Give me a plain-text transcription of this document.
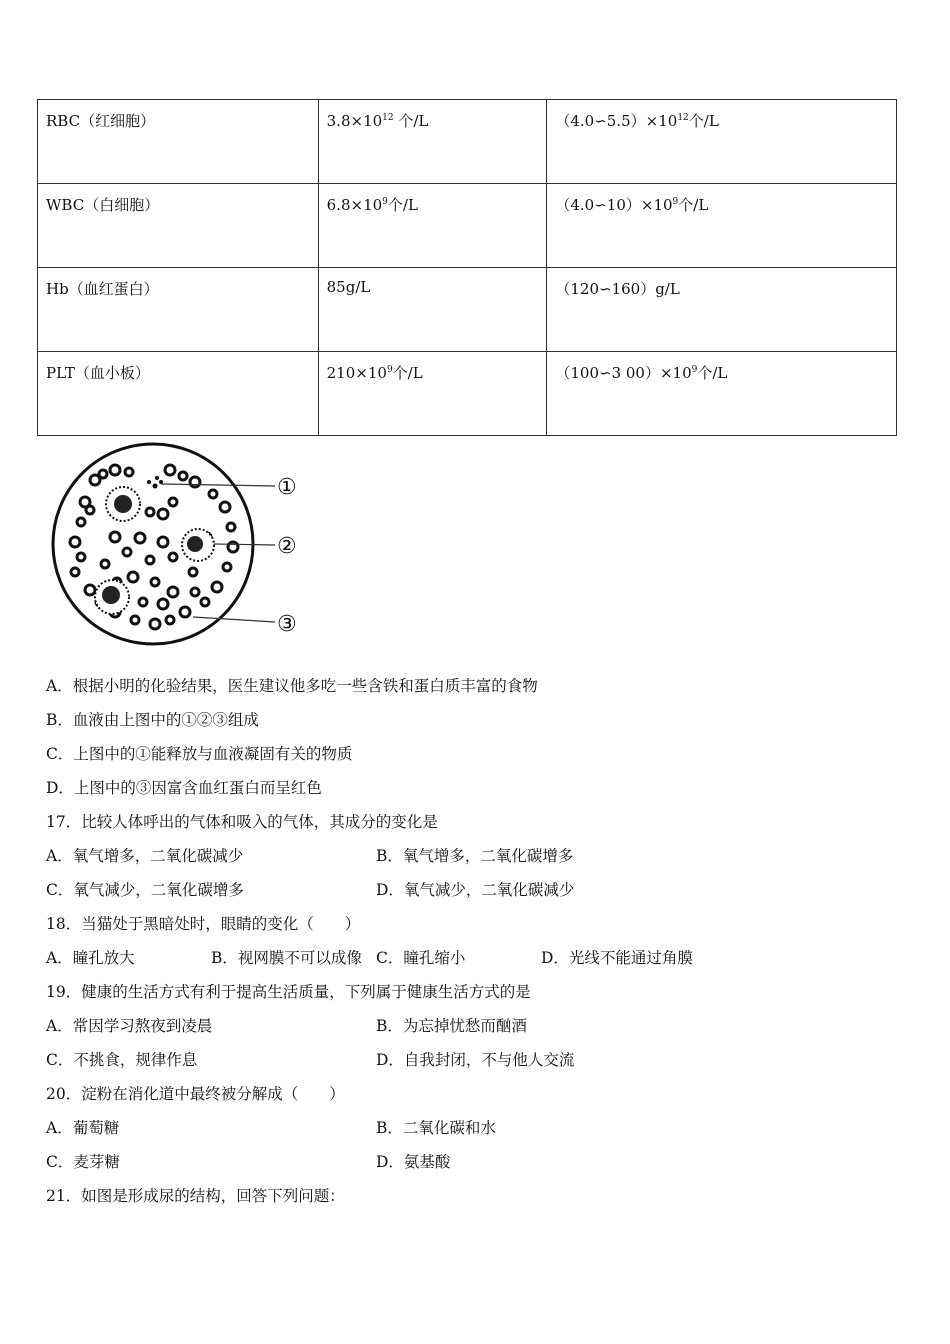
RBC（红细胞）	$3.8\times 10^{12}$ 个/L	$(4.0∽5.5)\times 10^{12}$个/L
WBC（白细胞）	$6.8\times 10^9$个/L	$(4.0∽10)\times 10^9$个/L
Hb（血红蛋白）	85g/L	（120∽160）g/L
PLT（血小板）	$210\times 10^9$个/L	（100∽3 $00)\times 10^9$个/L
①
②
③
A．根据小明的化验结果，医生建议他多吃一些含铁和蛋白质丰富的食物
B．血液由上图中的①②③组成
C．上图中的①能释放与血液凝固有关的物质
D．上图中的③因富含血红蛋白而呈红色
17．比较人体呼出的气体和吸入的气体，其成分的变化是
A．氧气增多，二氧化碳减少	B．氧气增多，二氧化碳增多
C．氧气减少，二氧化碳增多	D．氧气减少，二氧化碳减少
18．当猫处于黑暗处时，眼睛的变化（　　）
A．瞳孔放大	B．视网膜不可以成像 C．瞳孔缩小	D．光线不能通过角膜
19．健康的生活方式有利于提高生活质量，下列属于健康生活方式的是
A．常因学习熬夜到凌晨	B．为忘掉忧愁而酗酒
C．不挑食，规律作息	D．自我封闭，不与他人交流
20．淀粉在消化道中最终被分解成（　　）
A．葡萄糖	B．二氧化碳和水
C．麦芽糖	D．氨基酸
21．如图是形成尿的结构，回答下列问题：
